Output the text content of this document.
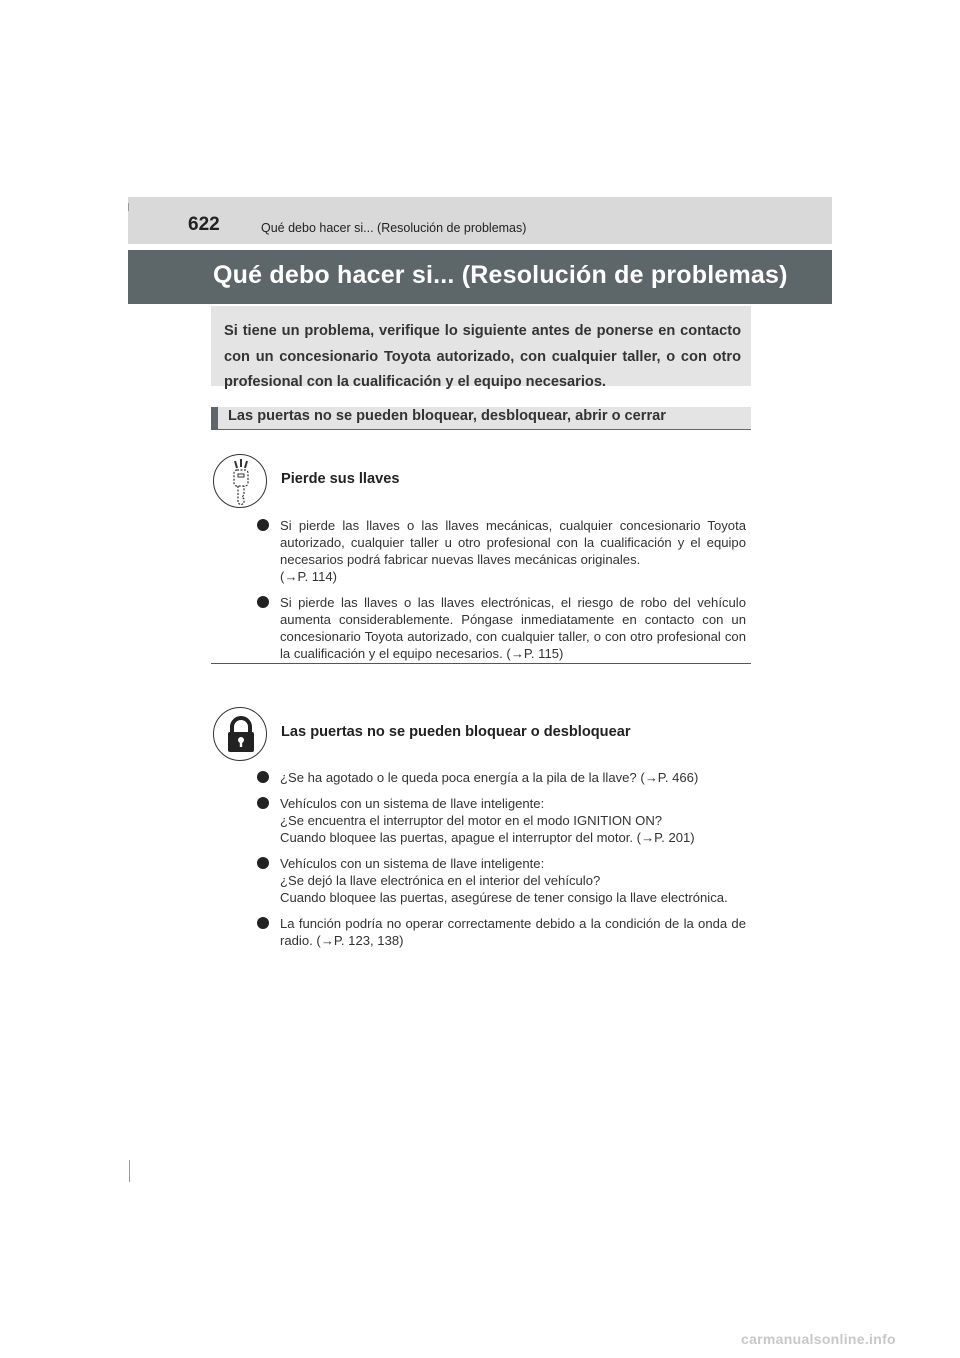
622	Qué debo hacer si... (Resolución de problemas)
Qué debo hacer si... (Resolución de problemas)
Si tiene un problema, verifique lo siguiente antes de ponerse en contacto con un concesionario Toyota autorizado, con cualquier taller, o con otro profesional con la cualificación y el equipo necesarios.
Las puertas no se pueden bloquear, desbloquear, abrir o cerrar
Pierde sus llaves
Si pierde las llaves o las llaves mecánicas, cualquier concesionario Toyota autorizado, cualquier taller u otro profesional con la cualificación y el equipo necesarios podrá fabricar nuevas llaves mecánicas originales.
(→P. 114)
Si pierde las llaves o las llaves electrónicas, el riesgo de robo del vehículo aumenta considerablemente. Póngase inmediatamente en contacto con un concesionario Toyota autorizado, con cualquier taller, o con otro profesional con la cualificación y el equipo necesarios. (→P. 115)
Las puertas no se pueden bloquear o desbloquear
¿Se ha agotado o le queda poca energía a la pila de la llave? (→P. 466)
Vehículos con un sistema de llave inteligente:
¿Se encuentra el interruptor del motor en el modo IGNITION ON?
Cuando bloquee las puertas, apague el interruptor del motor. (→P. 201)
Vehículos con un sistema de llave inteligente:
¿Se dejó la llave electrónica en el interior del vehículo?
Cuando bloquee las puertas, asegúrese de tener consigo la llave electrónica.
La función podría no operar correctamente debido a la condición de la onda de radio. (→P. 123, 138)
carmanualsonline.info
